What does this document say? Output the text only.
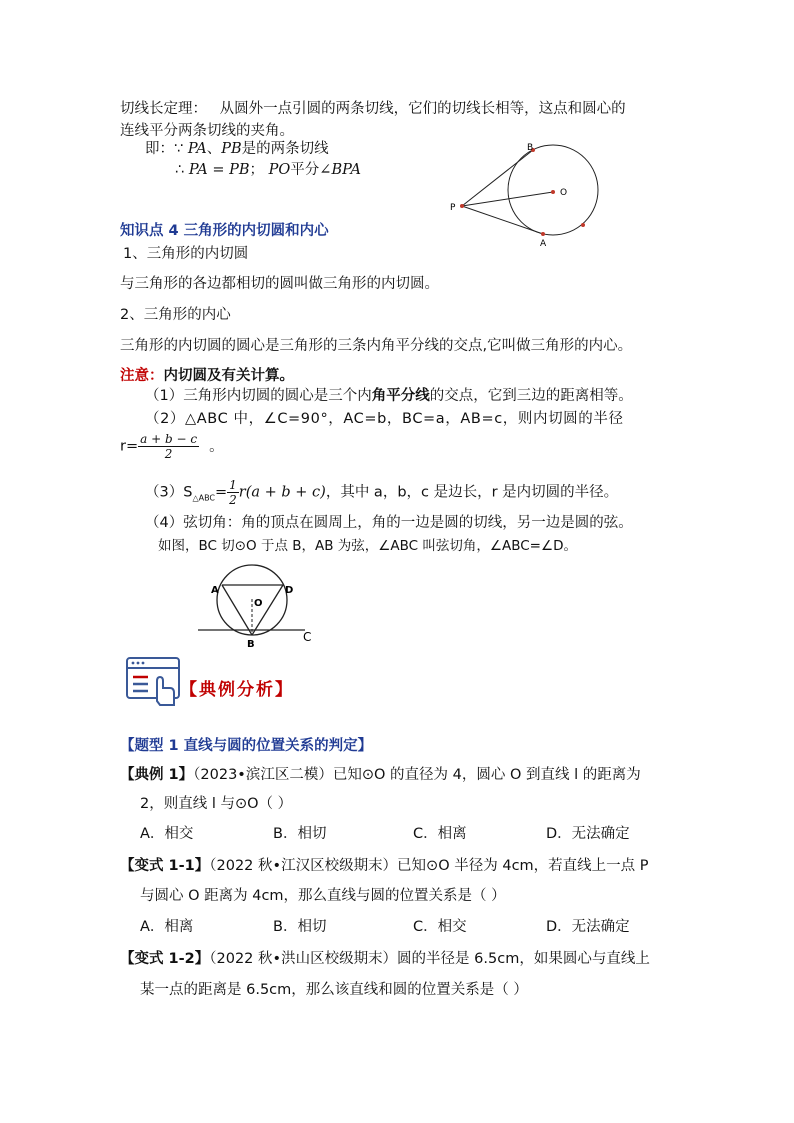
切线长定理： 从圆外一点引圆的两条切线，它们的切线长相等，这点和圆心的
连线平分两条切线的夹角。
即：∵ PA、PB是的两条切线
∴ PA = PB； PO平分∠BPA
B
O
P
A
知识点 4 三角形的内切圆和内心
1、三角形的内切圆
与三角形的各边都相切的圆叫做三角形的内切圆。
2、三角形的内心
三角形的内切圆的圆心是三角形的三条内角平分线的交点,它叫做三角形的内心。
注意：内切圆及有关计算。
（1）三角形内切圆的圆心是三个内角平分线的交点，它到三边的距离相等。
（2）△ABC 中，∠C=90°，AC=b，BC=a，AB=c，则内切圆的半径
$r= \frac{a + b - c}{2}$ 。
$(3)S_{\triangle ABC}= \frac{1}{2} r(a + b + c)$，其中 a，b，c 是边长，r 是内切圆的半径。
（4）弦切角：角的顶点在圆周上，角的一边是圆的切线，另一边是圆的弦。
如图，BC 切⊙O 于点 B，AB 为弦，∠ABC 叫弦切角，∠ABC=∠D。
A
O
D
B
C
【典例分析】
【题型 1 直线与圆的位置关系的判定】
【典例 1】（2023•滨江区二模）已知⊙O 的直径为 4，圆心 O 到直线 l 的距离为
2，则直线 l 与⊙O（ ）
A．相交	B．相切	C．相离	D．无法确定
【变式 1-1】（2022 秋•江汉区校级期末）已知⊙O 半径为 4cm，若直线上一点 P
与圆心 O 距离为 4cm，那么直线与圆的位置关系是（ ）
A．相离	B．相切	C．相交	D．无法确定
【变式 1-2】（2022 秋•洪山区校级期末）圆的半径是 6.5cm，如果圆心与直线上
某一点的距离是 6.5cm，那么该直线和圆的位置关系是（ ）
